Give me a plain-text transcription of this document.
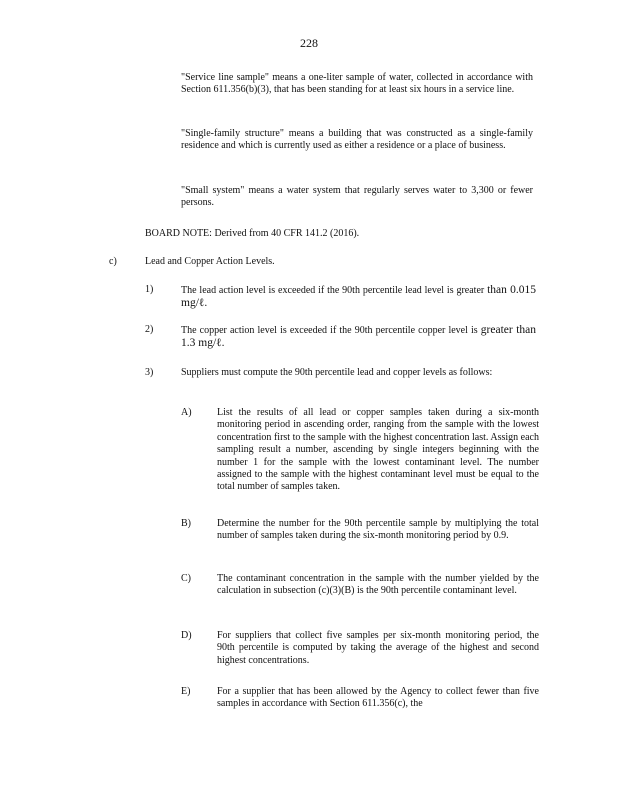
228
"Service line sample" means a one-liter sample of water, collected in accordance with Section 611.356(b)(3), that has been standing for at least six hours in a service line.
"Single-family structure" means a building that was constructed as a single-family residence and which is currently used as either a residence or a place of business.
"Small system" means a water system that regularly serves water to 3,300 or fewer persons.
BOARD NOTE: Derived from 40 CFR 141.2 (2016).
c)	Lead and Copper Action Levels.
1)	The lead action level is exceeded if the 90th percentile lead level is greater than 0.015 mg/ℓ.
2)	The copper action level is exceeded if the 90th percentile copper level is greater than 1.3 mg/ℓ.
3)	Suppliers must compute the 90th percentile lead and copper levels as follows:
A)	List the results of all lead or copper samples taken during a six-month monitoring period in ascending order, ranging from the sample with the lowest concentration first to the sample with the highest concentration last. Assign each sampling result a number, ascending by single integers beginning with the number 1 for the sample with the lowest contaminant level. The number assigned to the sample with the highest contaminant level must be equal to the total number of samples taken.
B)	Determine the number for the 90th percentile sample by multiplying the total number of samples taken during the six-month monitoring period by 0.9.
C)	The contaminant concentration in the sample with the number yielded by the calculation in subsection (c)(3)(B) is the 90th percentile contaminant level.
D)	For suppliers that collect five samples per six-month monitoring period, the 90th percentile is computed by taking the average of the highest and second highest concentrations.
E)	For a supplier that has been allowed by the Agency to collect fewer than five samples in accordance with Section 611.356(c), the
